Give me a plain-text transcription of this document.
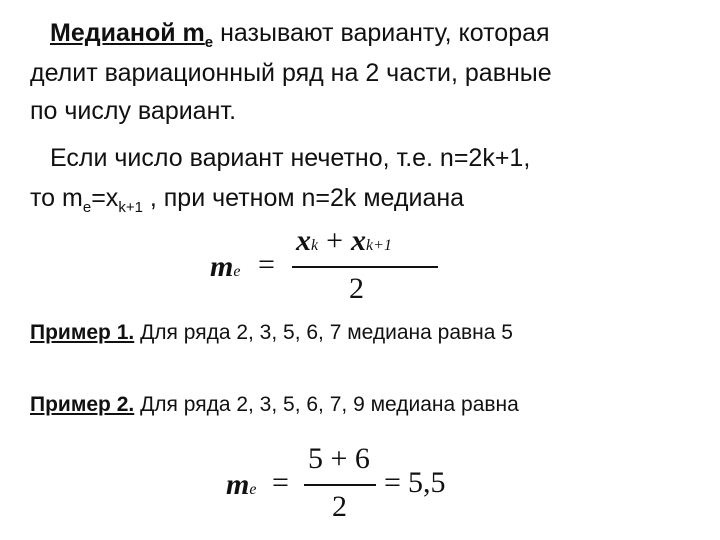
Медианой $m_e$ называют варианту, которая
делит вариационный ряд на 2 части, равные
по числу вариант.
Если число вариант нечетно, т.е. n=2k+1,
то $m_e=x_{k+1}$ , при четном n=2k медиана
me =
xk + xk+1
2
Пример 1. Для ряда 2, 3, 5, 6, 7 медиана равна 5
Пример 2. Для ряда 2, 3, 5, 6, 7, 9 медиана равна
me =
5 + 6
2
= 5,5
